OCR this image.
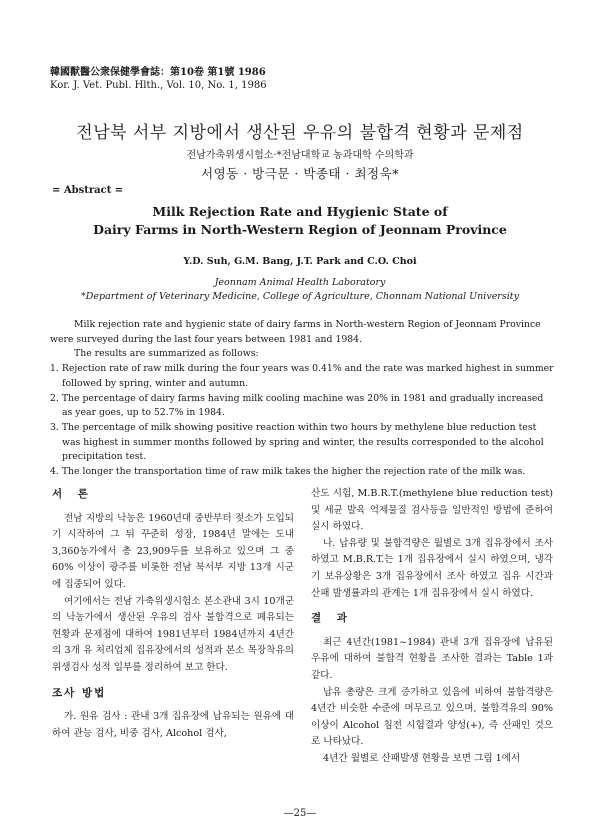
韓國獸醫公衆保健學會誌：第10卷 第1號 1986
Kor. J. Vet. Publ. Hlth., Vol. 10, No. 1, 1986
전남북 서부 지방에서 생산된 우유의 불합격 현황과 문제점
전남가축위생시험소·*전남대학교 농과대학 수의학과
서영동 · 방극문 · 박종태 · 최정욱*
= Abstract =
Milk Rejection Rate and Hygienic State of
Dairy Farms in North-Western Region of Jeonnam Province
Y.D. Suh, G.M. Bang, J.T. Park and C.O. Choi
Jeonnam Animal Health Laboratory
*Department of Veterinary Medicine, College of Agriculture, Chonnam National University

Milk rejection rate and hygienic state of dairy farms in North-western Region of Jeonnam Province were surveyed during the last four years between 1981 and 1984.

The results are summarized as follows:

1. Rejection rate of raw milk during the four years was 0.41% and the rate was marked highest in summer followed by spring, winter and autumn.
2. The percentage of dairy farms having milk cooling machine was 20% in 1981 and gradually increased as year goes, up to 52.7% in 1984.
3. The percentage of milk showing positive reaction within two hours by methylene blue reduction test was highest in summer months followed by spring and winter, the results corresponded to the alcohol precipitation test.
4. The longer the transportation time of raw milk takes the higher the rejection rate of the milk was.

서 론

전남 지방의 낙농은 1960년대 중반부터 젖소가 도입되기 시작하여 그 뒤 꾸준히 성장, 1984년 말에는 도내 3,360농가에서 총 23,909두를 보유하고 있으며 그 중 60% 이상이 광주를 비롯한 전남 북서부 지방 13개 시군에 집중되어 있다.

여기에서는 전남 가축위생시험소 본소관내 3시 10개군의 낙농가에서 생산된 우유의 검사 불합격으로 폐유되는 현황과 문제점에 대하여 1981년부터 1984년까지 4년간의 3개 유 처리업체 집유장에서의 성적과 본소 목장착유의 위생검사 성적 일부를 정리하여 보고 한다.

조사 방법

가. 원유 검사 : 관내 3개 집유장에 납유되는 원유에 대하여 관능 검사, 비중 검사, Alcohol 검사,

산도 시험, M.B.R.T.(methylene blue reduction test) 및 세균 발육 억제물질 검사등을 일반적인 방법에 준하여 실시 하였다.

나. 납유량 및 불합격량은 월별로 3개 집유장에서 조사 하였고 M.B.R.T.는 1개 집유장에서 실시 하였으며, 냉각기 보유상황은 3개 집유장에서 조사 하였고 집유 시간과 산패 발생률과의 관계는 1개 집유장에서 실시 하였다.

결 과

최근 4년간(1981~1984) 관내 3개 집유장에 납유된 우유에 대하여 불합격 현황을 조사한 결과는 Table 1과 같다.

납유 총량은 크게 증가하고 있음에 비하여 불합격량은 4년간 비슷한 수준에 머무르고 있으며, 불합격유의 90% 이상이 Alcohol 침전 시험결과 양성(+), 즉 산패인 것으로 나타났다.

4년간 월별로 산패발생 현황을 보면 그림 1에서

—25—
